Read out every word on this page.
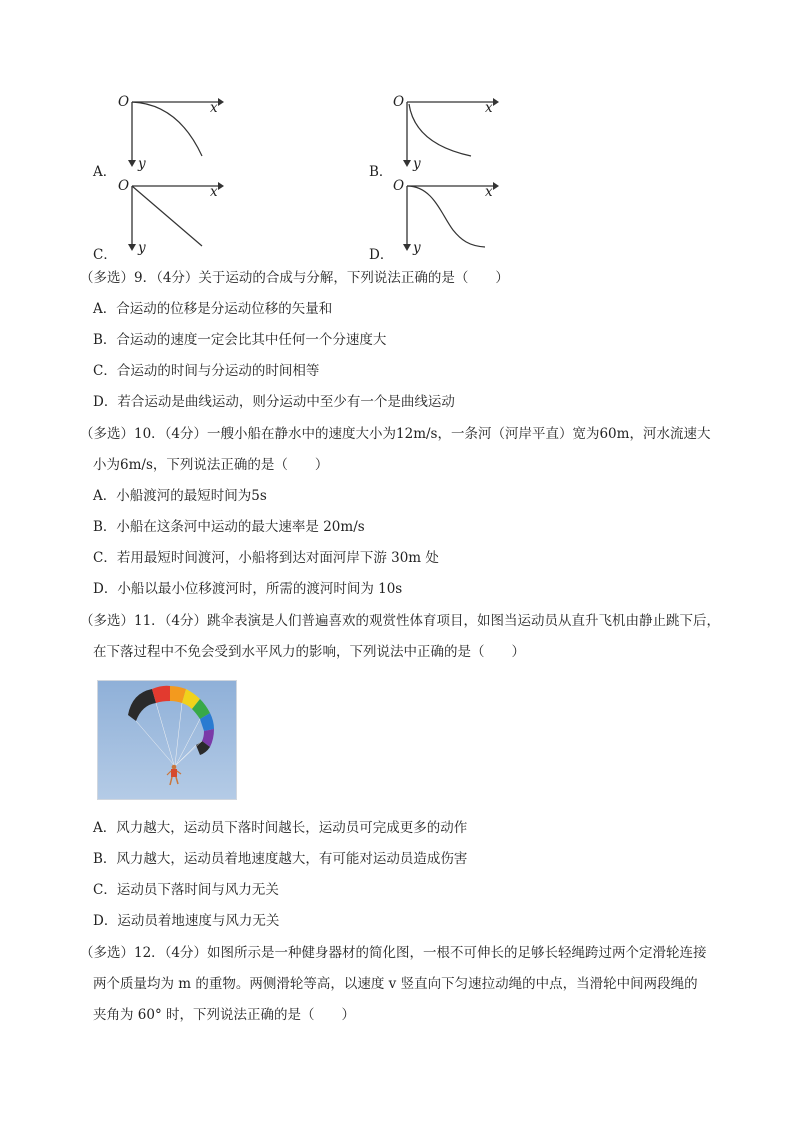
O	x
y
A．
O	x
y
B．
O	x
y
C．
O	x
y
D．
（多选）9．（4分）关于运动的合成与分解，下列说法正确的是（　　）
A．合运动的位移是分运动位移的矢量和
B．合运动的速度一定会比其中任何一个分速度大
C．合运动的时间与分运动的时间相等
D．若合运动是曲线运动，则分运动中至少有一个是曲线运动
（多选）10．（4分）一艘小船在静水中的速度大小为12m/s，一条河（河岸平直）宽为60m，河水流速大
小为6m/s，下列说法正确的是（　　）
A．小船渡河的最短时间为5s
B．小船在这条河中运动的最大速率是 20m/s
C．若用最短时间渡河，小船将到达对面河岸下游 30m 处
D．小船以最小位移渡河时，所需的渡河时间为 10s
（多选）11．（4分）跳伞表演是人们普遍喜欢的观赏性体育项目，如图当运动员从直升飞机由静止跳下后，
在下落过程中不免会受到水平风力的影响，下列说法中正确的是（　　）
A．风力越大，运动员下落时间越长，运动员可完成更多的动作
B．风力越大，运动员着地速度越大，有可能对运动员造成伤害
C．运动员下落时间与风力无关
D．运动员着地速度与风力无关
（多选）12．（4分）如图所示是一种健身器材的简化图，一根不可伸长的足够长轻绳跨过两个定滑轮连接
两个质量均为 m 的重物。两侧滑轮等高，以速度 v 竖直向下匀速拉动绳的中点，当滑轮中间两段绳的
夹角为 60° 时，下列说法正确的是（　　）
